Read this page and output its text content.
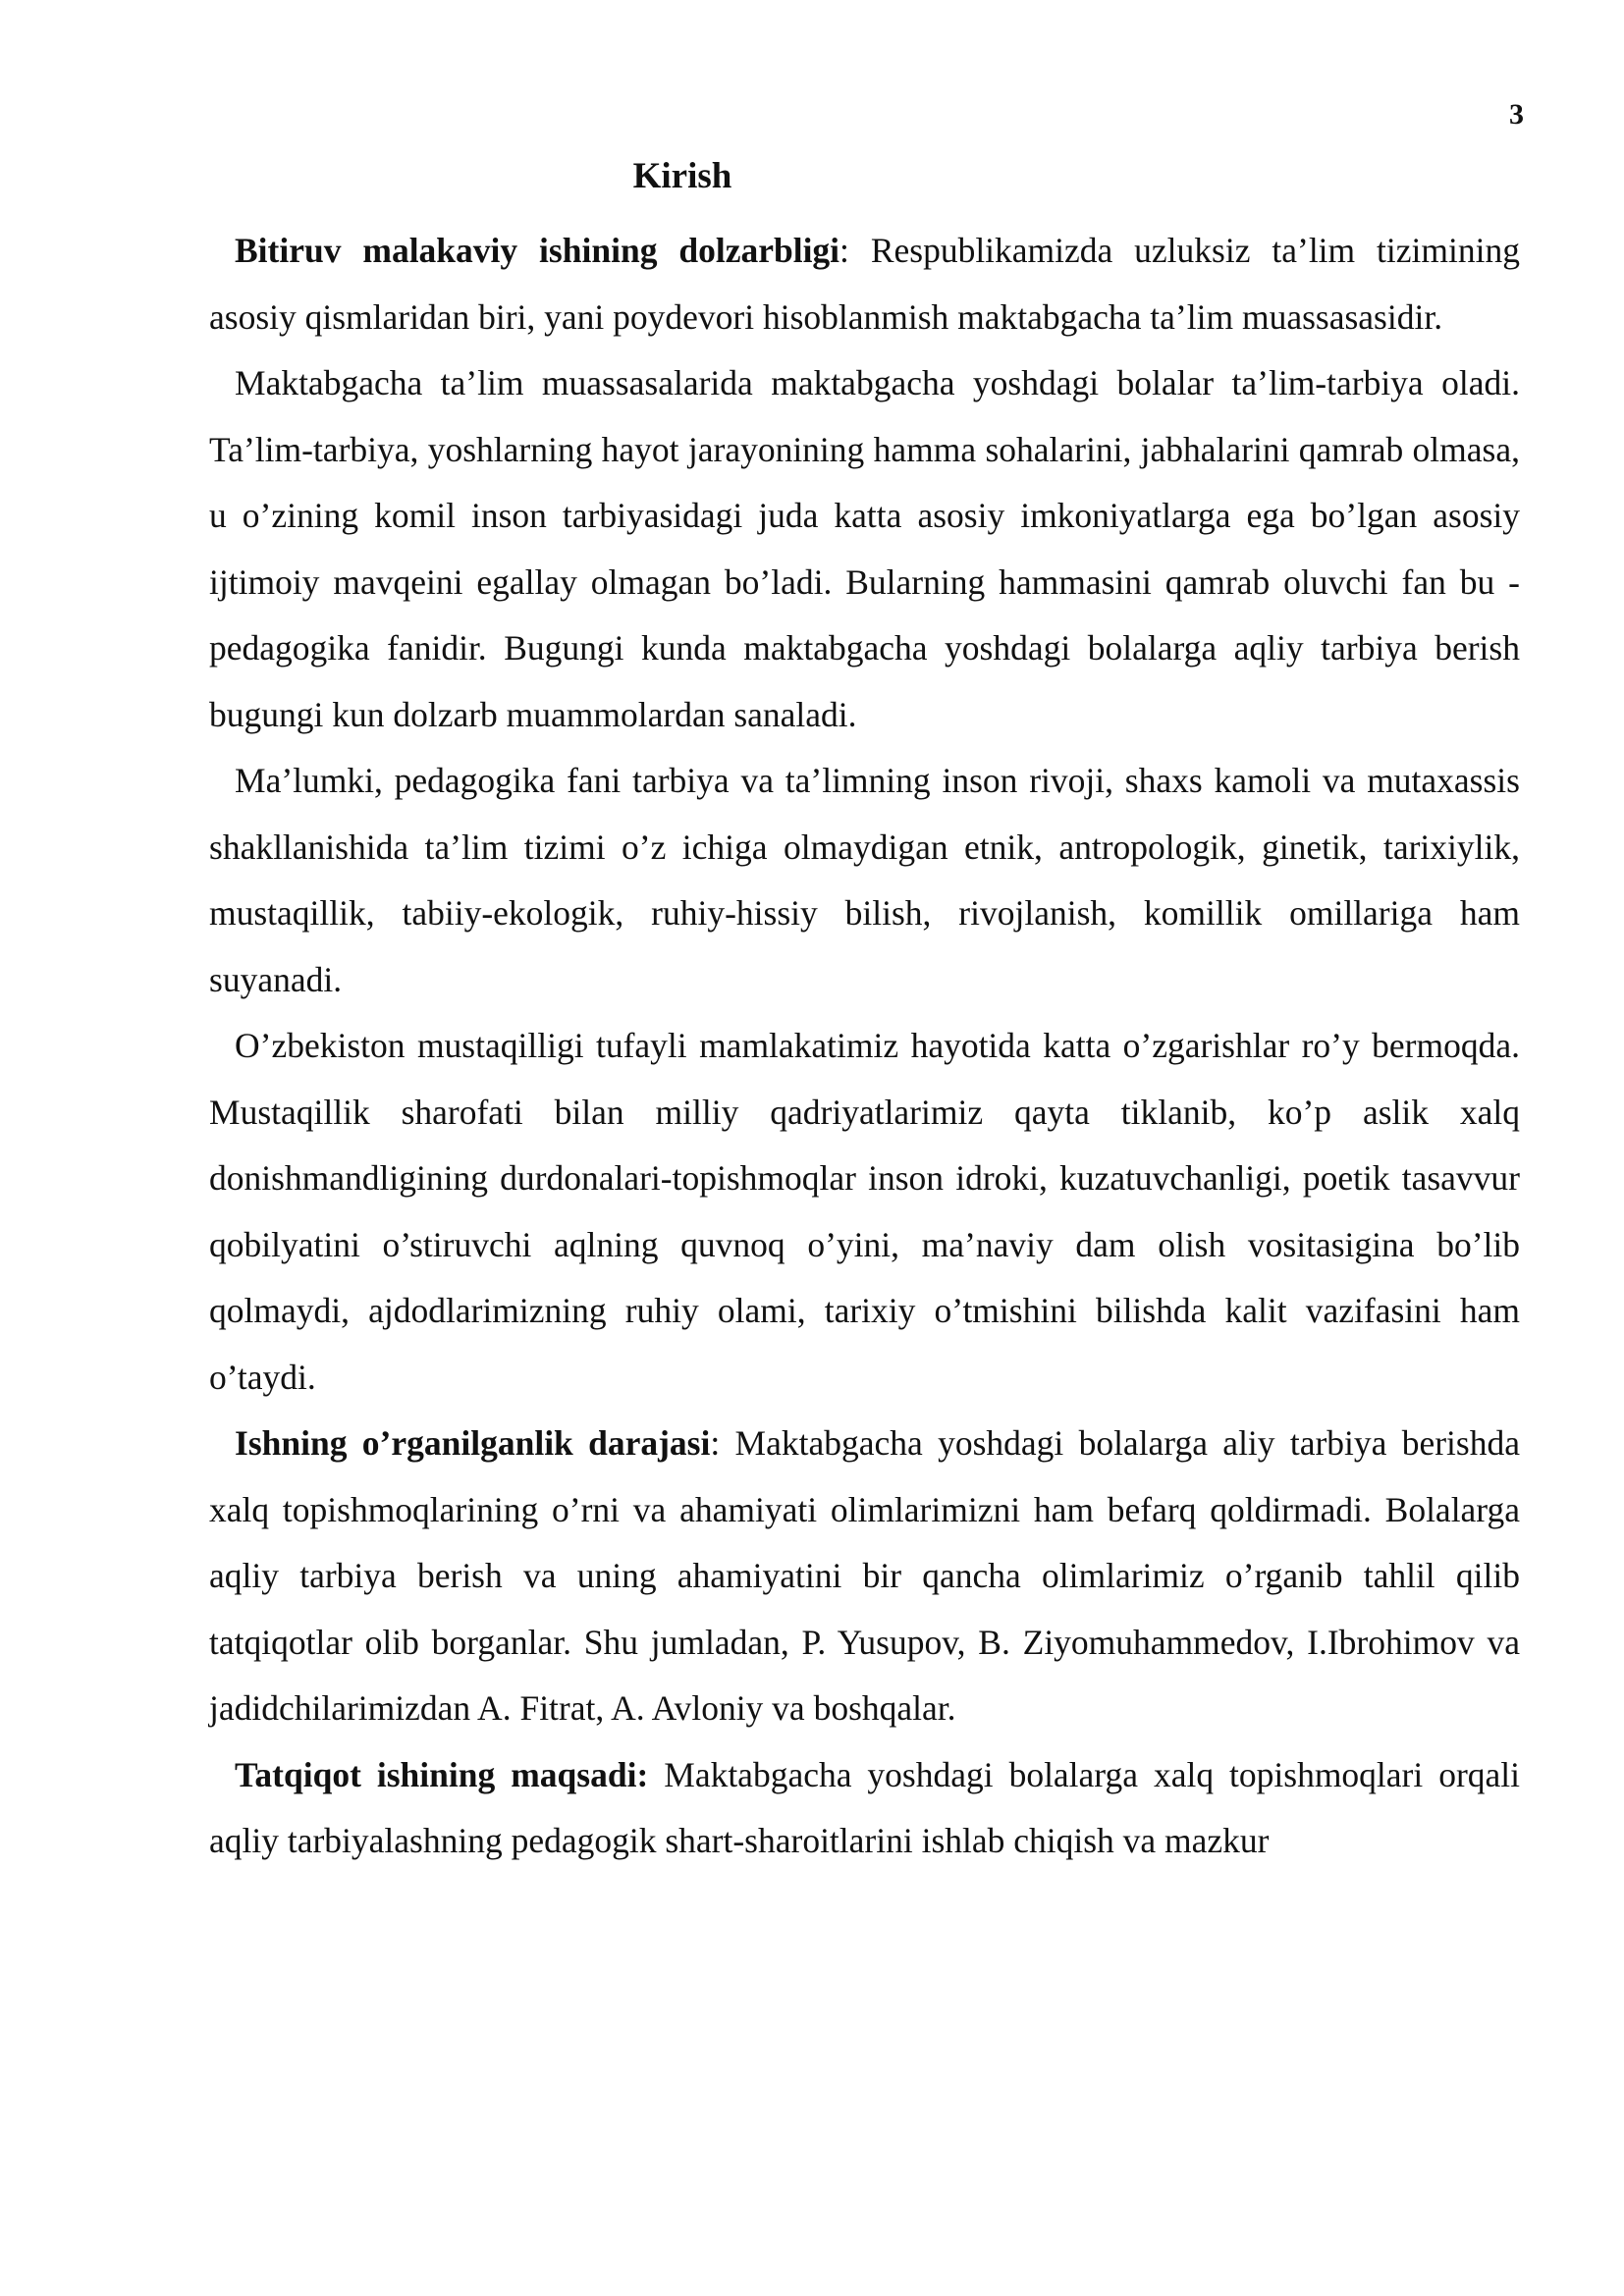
3
Kirish

Bitiruv malakaviy ishining dolzarbligi: Respublikamizda uzluksiz ta’lim tizimining asosiy qismlaridan biri, yani poydevori hisoblanmish maktabgacha ta’lim muassasasidir.

Maktabgacha ta’lim muassasalarida maktabgacha yoshdagi bolalar ta’lim-tarbiya oladi. Ta’lim-tarbiya, yoshlarning hayot jarayonining hamma sohalarini, jabhalarini qamrab olmasa, u o’zining komil inson tarbiyasidagi juda katta asosiy imkoniyatlarga ega bo’lgan asosiy ijtimoiy mavqeini egallay olmagan bo’ladi. Bularning hammasini qamrab oluvchi fan bu - pedagogika fanidir. Bugungi kunda maktabgacha yoshdagi bolalarga aqliy tarbiya berish bugungi kun dolzarb muammolardan sanaladi.

Ma’lumki, pedagogika fani tarbiya va ta’limning inson rivoji, shaxs kamoli va mutaxassis shakllanishida ta’lim tizimi o’z ichiga olmaydigan etnik, antropologik, ginetik, tarixiylik, mustaqillik, tabiiy-ekologik, ruhiy-hissiy bilish, rivojlanish, komillik omillariga ham suyanadi.

O’zbekiston mustaqilligi tufayli mamlakatimiz hayotida katta o’zgarishlar ro’y bermoqda. Mustaqillik sharofati bilan milliy qadriyatlarimiz qayta tiklanib, ko’p aslik xalq donishmandligining durdonalari-topishmoqlar inson idroki, kuzatuvchanligi, poetik tasavvur qobilyatini o’stiruvchi aqlning quvnoq o’yini, ma’naviy dam olish vositasigina bo’lib qolmaydi, ajdodlarimizning ruhiy olami, tarixiy o’tmishini bilishda kalit vazifasini ham o’taydi.

Ishning o’rganilganlik darajasi: Maktabgacha yoshdagi bolalarga aliy tarbiya berishda xalq topishmoqlarining o’rni va ahamiyati olimlarimizni ham befarq qoldirmadi. Bolalarga aqliy tarbiya berish va uning ahamiyatini bir qancha olimlarimiz o’rganib tahlil qilib tatqiqotlar olib borganlar. Shu jumladan, P. Yusupov, B. Ziyomuhammedov, I.Ibrohimov va jadidchilarimizdan A. Fitrat, A. Avloniy va boshqalar.

Tatqiqot ishining maqsadi: Maktabgacha yoshdagi bolalarga xalq topishmoqlari orqali aqliy tarbiyalashning pedagogik shart-sharoitlarini ishlab chiqish va mazkur
